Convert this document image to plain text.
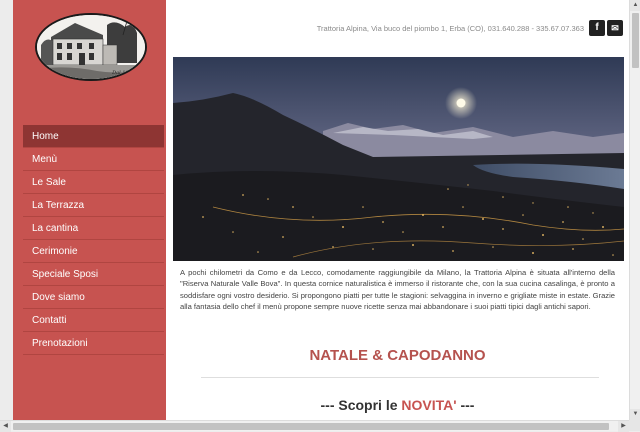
Dal 1860
Home
Menù
Le Sale
La Terrazza
La cantina
Cerimonie
Speciale Sposi
Dove siamo
Contatti
Prenotazioni
Trattoria Alpina, Via buco del piombo 1, Erba (CO), 031.640.288 - 335.67.07.363	f	✉

A pochi chilometri da Como e da Lecco, comodamente raggiungibile da Milano, la Trattoria Alpina è situata all'interno della "Riserva Naturale Valle Bova". In questa cornice naturalistica è immerso il ristorante che, con la sua cucina casalinga, è pronto a soddisfare ogni vostro desiderio. Si propongono piatti per tutte le stagioni: selvaggina in inverno e grigliate miste in estate. Grazie alla fantasia dello chef il menù propone sempre nuove ricette senza mai abbandonare i suoi piatti tipici dagli antichi sapori.

NATALE & CAPODANNO
--- Scopri le NOVITA' ---
▲
▼
◀	▶
